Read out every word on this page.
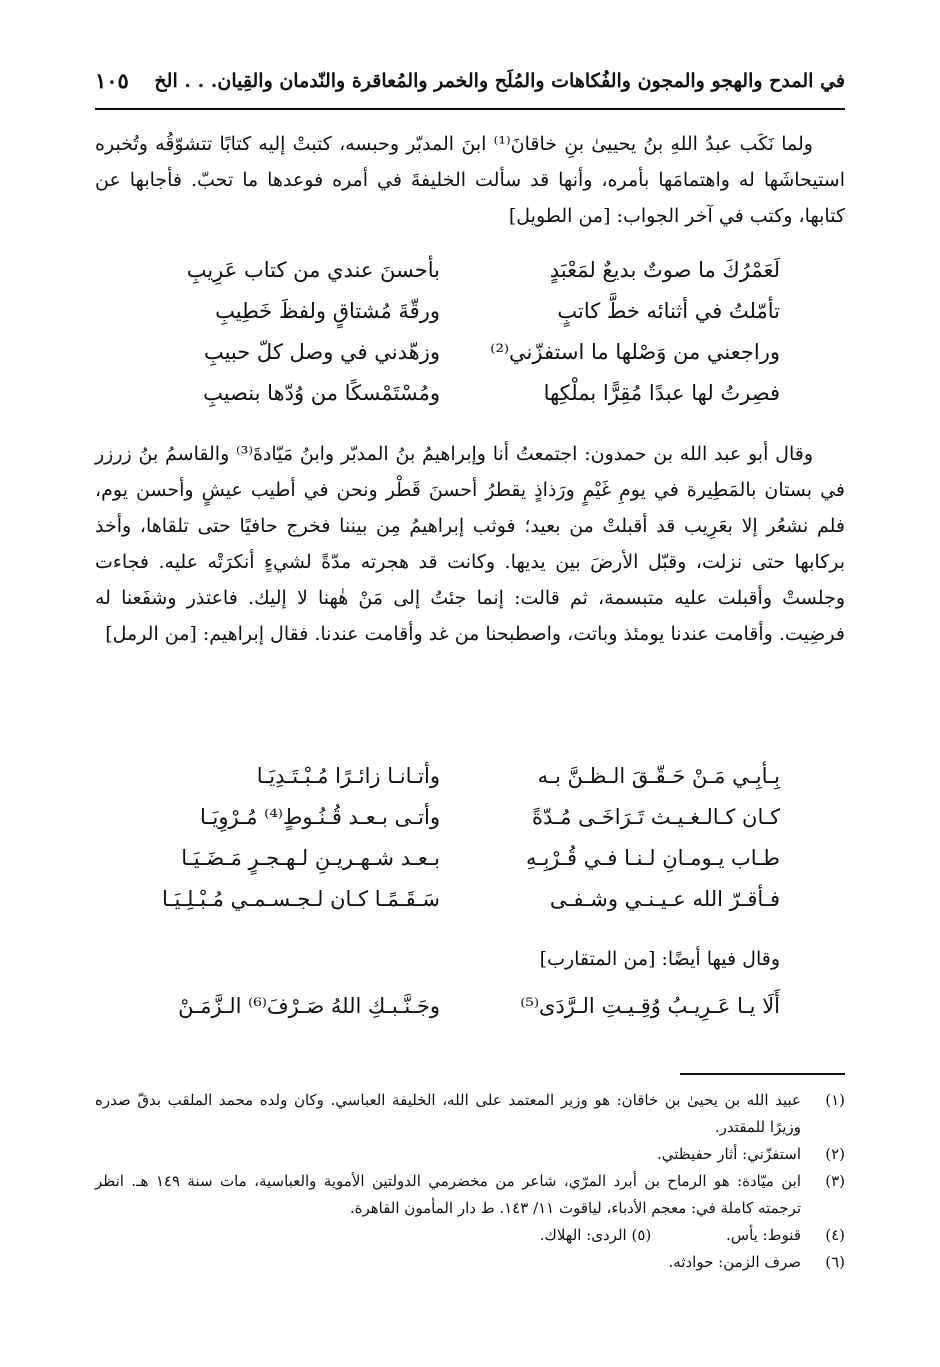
في المدح والهجو والمجون والفُكاهات والمُلَح والخمر والمُعاقرة والنّدمان والقِيان. . . الخ
١٠٥

ولما نَكَب عبدُ اللهِ بنُ يحييىٰ بنِ خاقانَ⁽¹⁾ ابنَ المدبّر وحبسه، كتبتْ إليه كتابًا تتشوّقُه وتُخبره استيحاشَها له واهتمامَها بأمره، وأنها قد سألت الخليفةَ في أمره فوعدها ما تحبّ. فأجابها عن كتابها، وكتب في آخر الجواب: [من الطويل]

لَعَمْرُكَ ما صوتٌ بديعٌ لمَعْبَدٍ
بأحسنَ عندي من كتاب عَرِيبِ
تأمّلتُ في أثنائه خطَّ كاتبٍ
ورقّةَ مُشتاقٍ ولفظَ خَطِيبِ
وراجعني من وَصْلها ما استفزّني⁽²⁾
وزهّدني في وصل كلّ حبيبِ
فصِرتُ لها عبدًا مُقِرًّا بملْكِها
ومُسْتَمْسكًا من وُدّها بنصيبِ

وقال أبو عبد الله بن حمدون: اجتمعتُ أنا وإبراهيمُ بنُ المدبّر وابنُ مَيّادةَ⁽³⁾ والقاسمُ بنُ زرزر في بستان بالمَطِيرة في يومِ غَيْمٍ ورَذاذٍ يقطرُ أحسنَ قَطْر ونحن في أطيب عيشٍ وأحسن يوم، فلم نشعُر إلا بعَرِيب قد أقبلتْ من بعيد؛ فوثب إبراهيمُ مِن بيننا فخرج حافيًا حتى تلقاها، وأخذ بركابها حتى نزلت، وقبّل الأرضَ بين يديها. وكانت قد هجرته مدّةً لشيءٍ أنكرَتْه عليه. فجاءت وجلستْ وأقبلت عليه متبسمة، ثم قالت: إنما جئتُ إلى مَنْ هٰهنا لا إليك. فاعتذر وشفَعنا له فرضِيت. وأقامت عندنا يومئذ وباتت، واصطبحنا من غد وأقامت عندنا. فقال إبراهيم: [من الرمل]

بِـأبِـي مَـنْ حَـقّـقَ الـظـنَّ بـه
وأتـانـا زائـرًا مُـبْـتَـدِيَـا
كـان كـالـغـيـث تَـرَاخَـى مُـدّةً
وأتـى بـعـد قُـنُـوطٍ⁽⁴⁾ مُـرْوِيَـا
طـاب يـومـانِ لـنـا فـي قُـرْبِـهِ
بـعـد شـهـريـنِ لـهـجـرٍ مَـضَـيَـا
فـأقـرّ الله عـيـنـي وشـفـى
سَـقَـمًـا كـان لـجـسـمـي مُـبْـلِـيَـا
وقال فيها أيضًا: [من المتقارب]
أَلَا يـا عَـرِيـبُ وُقِـيـتِ الـرَّدَى⁽⁵⁾
وجَـنَّـبـكِ اللهُ صَـرْفَ⁽⁶⁾ الـزَّمَـنْ
(١)
عبيد الله بن يحيىٰ بن خاقان: هو وزير المعتمد على الله، الخليفة العباسي. وكان ولده محمد الملقب بدقّ صدره وزيرًا للمقتدر.
(٢)
استفزّني: أثار حفيظتي.
(٣)
ابن ميّادة: هو الرماح بن أبرد المرّي، شاعر من مخضرمي الدولتين الأموية والعباسية، مات سنة ١٤٩ هـ. انظر ترجمته كاملة في: معجم الأدباء، لياقوت ١١/ ١٤٣. ط دار المأمون القاهرة.
(٤)
قنوط: يأس. (٥) الردى: الهلاك.
(٦)
صرف الزمن: حوادثه.
